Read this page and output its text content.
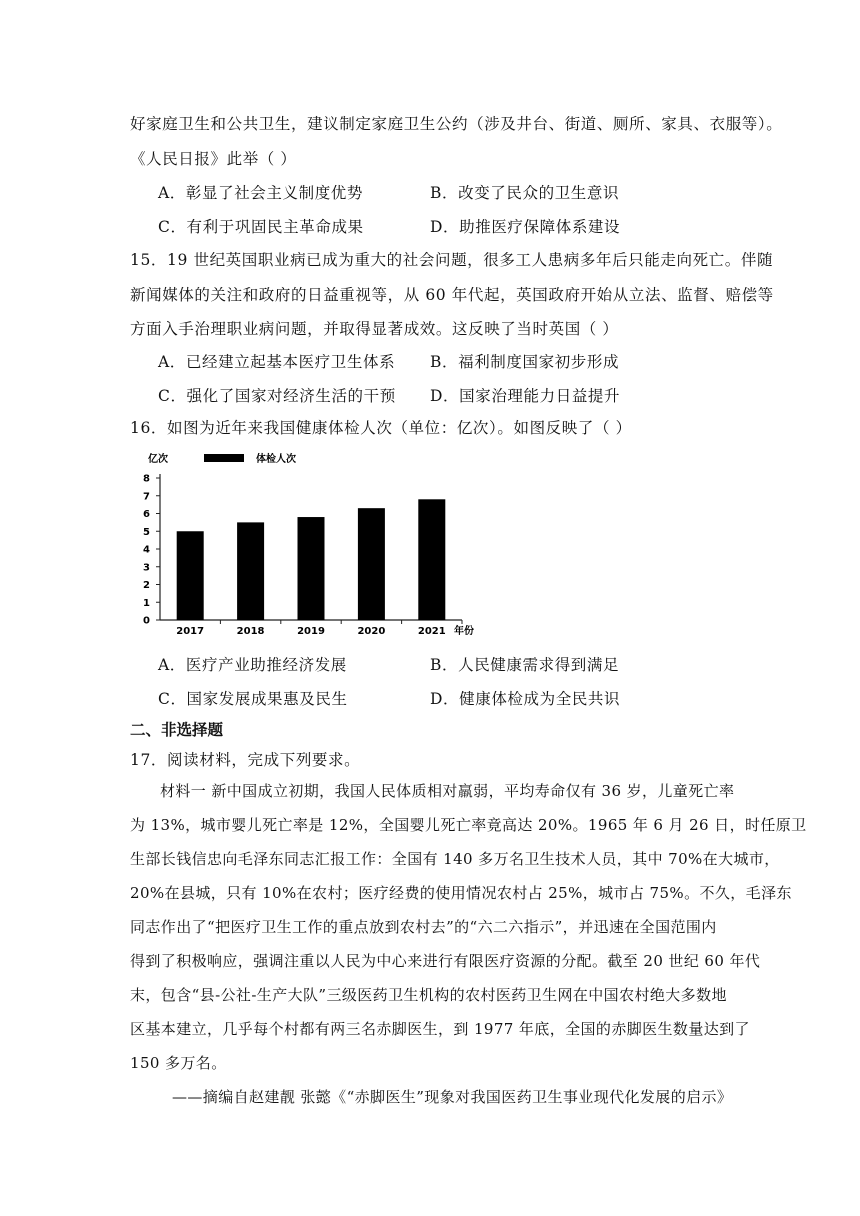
好家庭卫生和公共卫生，建议制定家庭卫生公约（涉及井台、街道、厕所、家具、衣服等）。
《人民日报》此举（ ）
A．彰显了社会主义制度优势	B．改变了民众的卫生意识
C．有利于巩固民主革命成果	D．助推医疗保障体系建设
15．19 世纪英国职业病已成为重大的社会问题，很多工人患病多年后只能走向死亡。伴随
新闻媒体的关注和政府的日益重视等，从 60 年代起，英国政府开始从立法、监督、赔偿等
方面入手治理职业病问题，并取得显著成效。这反映了当时英国（ ）
A．已经建立起基本医疗卫生体系 B．福利制度国家初步形成
C．强化了国家对经济生活的干预 D．国家治理能力日益提升
16．如图为近年来我国健康体检人次（单位：亿次）。如图反映了（ ）
亿次	体检人次
年份
0
1
2
3
4
5
6
7
8
2017	2018	2019	2020	2021
A．医疗产业助推经济发展	B．人民健康需求得到满足
C．国家发展成果惠及民生	D．健康体检成为全民共识
二、非选择题
17．阅读材料，完成下列要求。
材料一 新中国成立初期，我国人民体质相对羸弱，平均寿命仅有 36 岁，儿童死亡率
为 13%，城市婴儿死亡率是 12%，全国婴儿死亡率竟高达 20%。1965 年 6 月 26 日，时任原卫
生部长钱信忠向毛泽东同志汇报工作：全国有 140 多万名卫生技术人员，其中 70%在大城市，
20%在县城，只有 10%在农村；医疗经费的使用情况农村占 25%，城市占 75%。不久，毛泽东
同志作出了“把医疗卫生工作的重点放到农村去”的“六二六指示”，并迅速在全国范围内
得到了积极响应，强调注重以人民为中心来进行有限医疗资源的分配。截至 20 世纪 60 年代
末，包含“县-公社-生产大队”三级医药卫生机构的农村医药卫生网在中国农村绝大多数地
区基本建立，几乎每个村都有两三名赤脚医生，到 1977 年底，全国的赤脚医生数量达到了
150 多万名。
——摘编自赵建靓 张懿《“赤脚医生”现象对我国医药卫生事业现代化发展的启示》
